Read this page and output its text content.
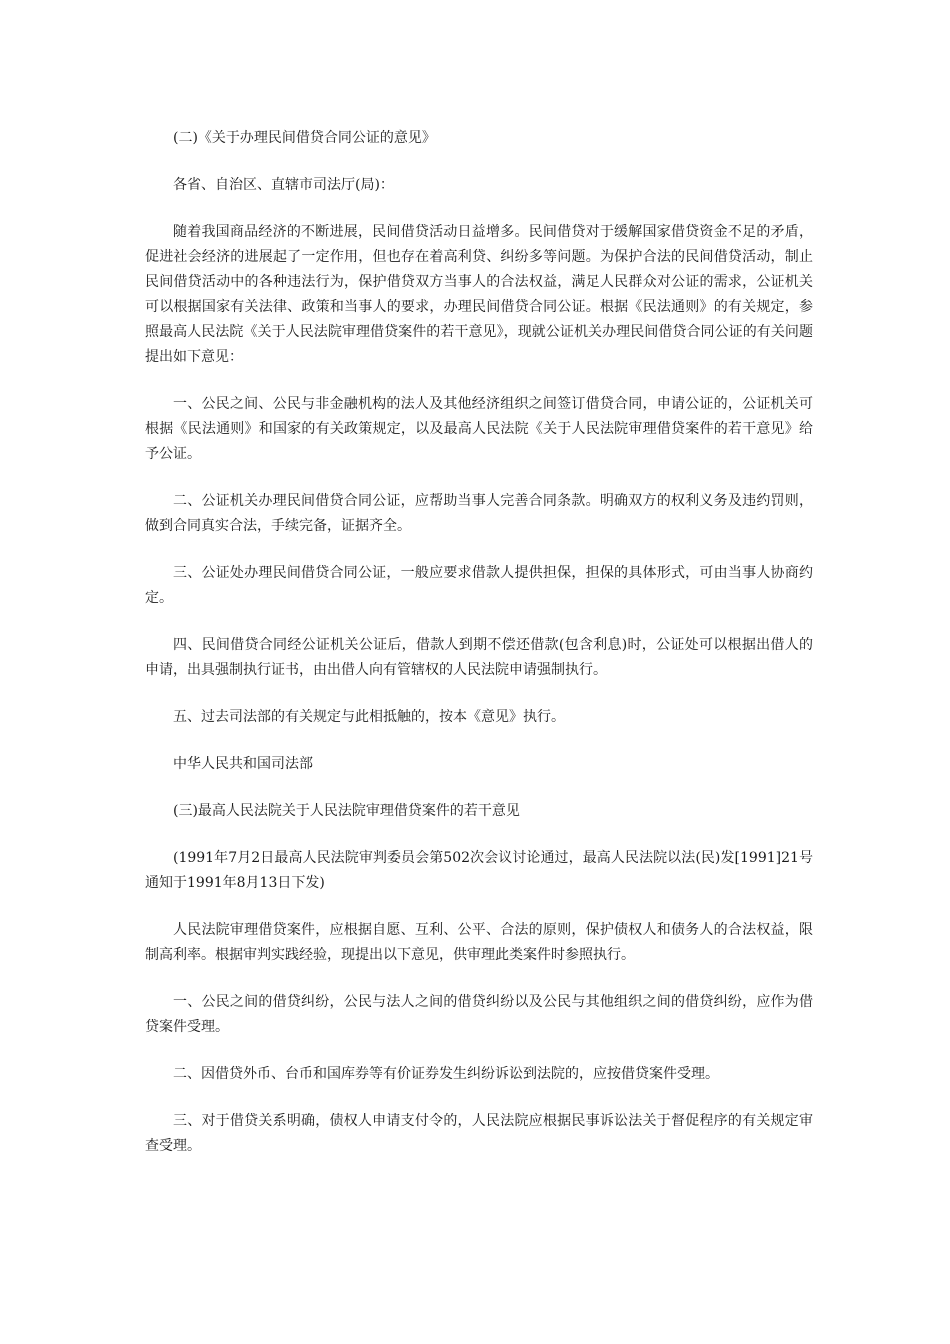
(二)《关于办理民间借贷合同公证的意见》

各省、自治区、直辖市司法厅(局)：

随着我国商品经济的不断进展，民间借贷活动日益增多。民间借贷对于缓解国家借贷资金不足的矛盾，促进社会经济的进展起了一定作用，但也存在着高利贷、纠纷多等问题。为保护合法的民间借贷活动，制止民间借贷活动中的各种违法行为，保护借贷双方当事人的合法权益，满足人民群众对公证的需求，公证机关可以根据国家有关法律、政策和当事人的要求，办理民间借贷合同公证。根据《民法通则》的有关规定，参照最高人民法院《关于人民法院审理借贷案件的若干意见》，现就公证机关办理民间借贷合同公证的有关问题提出如下意见：

一、公民之间、公民与非金融机构的法人及其他经济组织之间签订借贷合同，申请公证的，公证机关可根据《民法通则》和国家的有关政策规定，以及最高人民法院《关于人民法院审理借贷案件的若干意见》给予公证。

二、公证机关办理民间借贷合同公证，应帮助当事人完善合同条款。明确双方的权利义务及违约罚则，做到合同真实合法，手续完备，证据齐全。

三、公证处办理民间借贷合同公证，一般应要求借款人提供担保，担保的具体形式，可由当事人协商约定。

四、民间借贷合同经公证机关公证后，借款人到期不偿还借款(包含利息)时，公证处可以根据出借人的申请，出具强制执行证书，由出借人向有管辖权的人民法院申请强制执行。

五、过去司法部的有关规定与此相抵触的，按本《意见》执行。

中华人民共和国司法部

(三)最高人民法院关于人民法院审理借贷案件的若干意见

(1991年7月2日最高人民法院审判委员会第502次会议讨论通过，最高人民法院以法(民)发[1991]21号通知于1991年8月13日下发)

人民法院审理借贷案件，应根据自愿、互利、公平、合法的原则，保护债权人和债务人的合法权益，限制高利率。根据审判实践经验，现提出以下意见，供审理此类案件时参照执行。

一、公民之间的借贷纠纷，公民与法人之间的借贷纠纷以及公民与其他组织之间的借贷纠纷，应作为借贷案件受理。

二、因借贷外币、台币和国库券等有价证券发生纠纷诉讼到法院的，应按借贷案件受理。

三、对于借贷关系明确，债权人申请支付令的，人民法院应根据民事诉讼法关于督促程序的有关规定审查受理。
